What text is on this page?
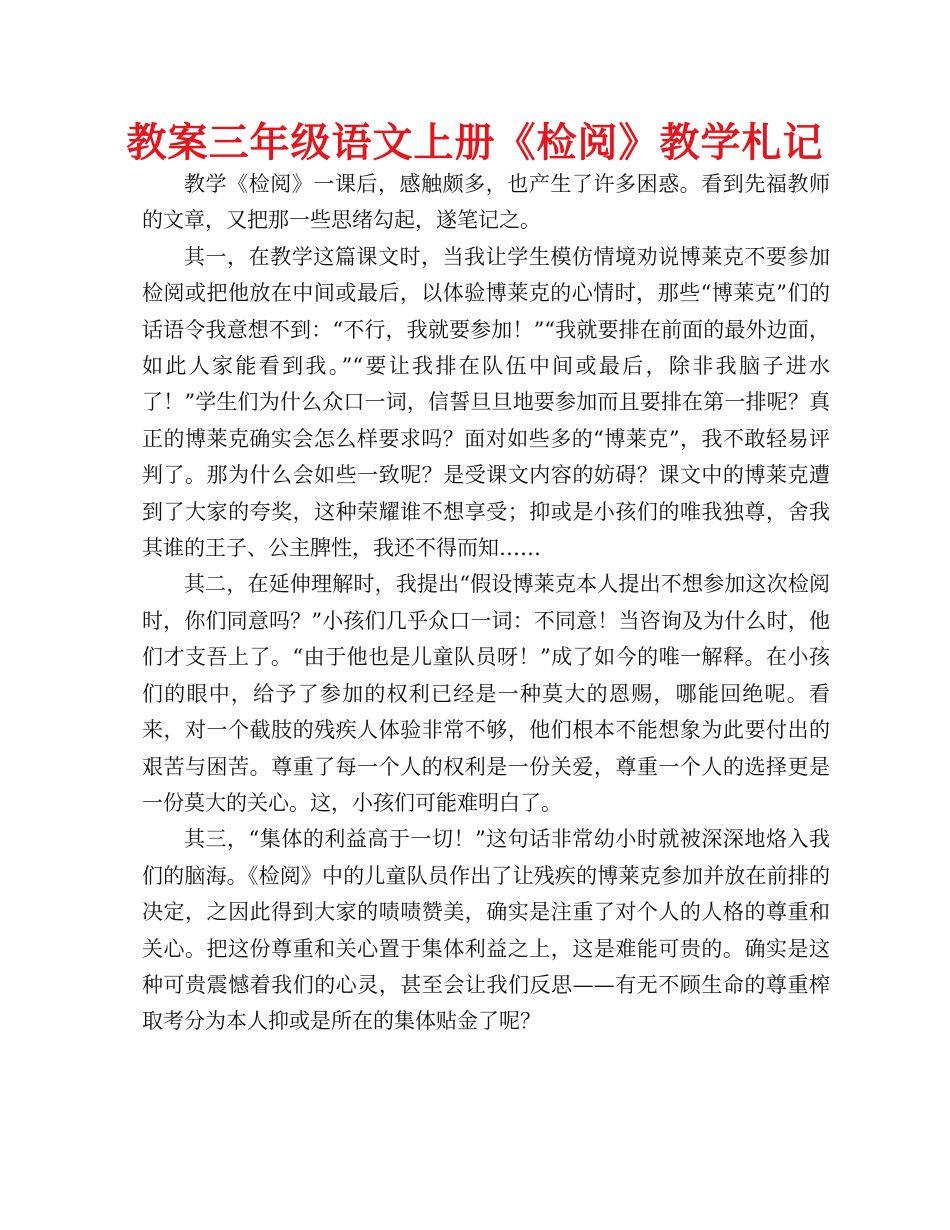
教案三年级语文上册《检阅》教学札记

教学《检阅》一课后，感触颇多，也产生了许多困惑。看到先福教师的文章，又把那一些思绪勾起，遂笔记之。

其一，在教学这篇课文时，当我让学生模仿情境劝说博莱克不要参加检阅或把他放在中间或最后，以体验博莱克的心情时，那些“博莱克”们的话语令我意想不到：“不行，我就要参加！”“我就要排在前面的最外边面，如此人家能看到我。”“要让我排在队伍中间或最后，除非我脑子进水了！”学生们为什么众口一词，信誓旦旦地要参加而且要排在第一排呢？真正的博莱克确实会怎么样要求吗？面对如些多的“博莱克”，我不敢轻易评判了。那为什么会如些一致呢？是受课文内容的妨碍？课文中的博莱克遭到了大家的夸奖，这种荣耀谁不想享受；抑或是小孩们的唯我独尊，舍我其谁的王子、公主脾性，我还不得而知……

其二，在延伸理解时，我提出“假设博莱克本人提出不想参加这次检阅时，你们同意吗？”小孩们几乎众口一词：不同意！当咨询及为什么时，他们才支吾上了。“由于他也是儿童队员呀！”成了如今的唯一解释。在小孩们的眼中，给予了参加的权利已经是一种莫大的恩赐，哪能回绝呢。看来，对一个截肢的残疾人体验非常不够，他们根本不能想象为此要付出的艰苦与困苦。尊重了每一个人的权利是一份关爱，尊重一个人的选择更是一份莫大的关心。这，小孩们可能难明白了。

其三，“集体的利益高于一切！”这句话非常幼小时就被深深地烙入我们的脑海。《检阅》中的儿童队员作出了让残疾的博莱克参加并放在前排的决定，之因此得到大家的啧啧赞美，确实是注重了对个人的人格的尊重和关心。把这份尊重和关心置于集体利益之上，这是难能可贵的。确实是这种可贵震憾着我们的心灵，甚至会让我们反思——有无不顾生命的尊重榨取考分为本人抑或是所在的集体贴金了呢？
